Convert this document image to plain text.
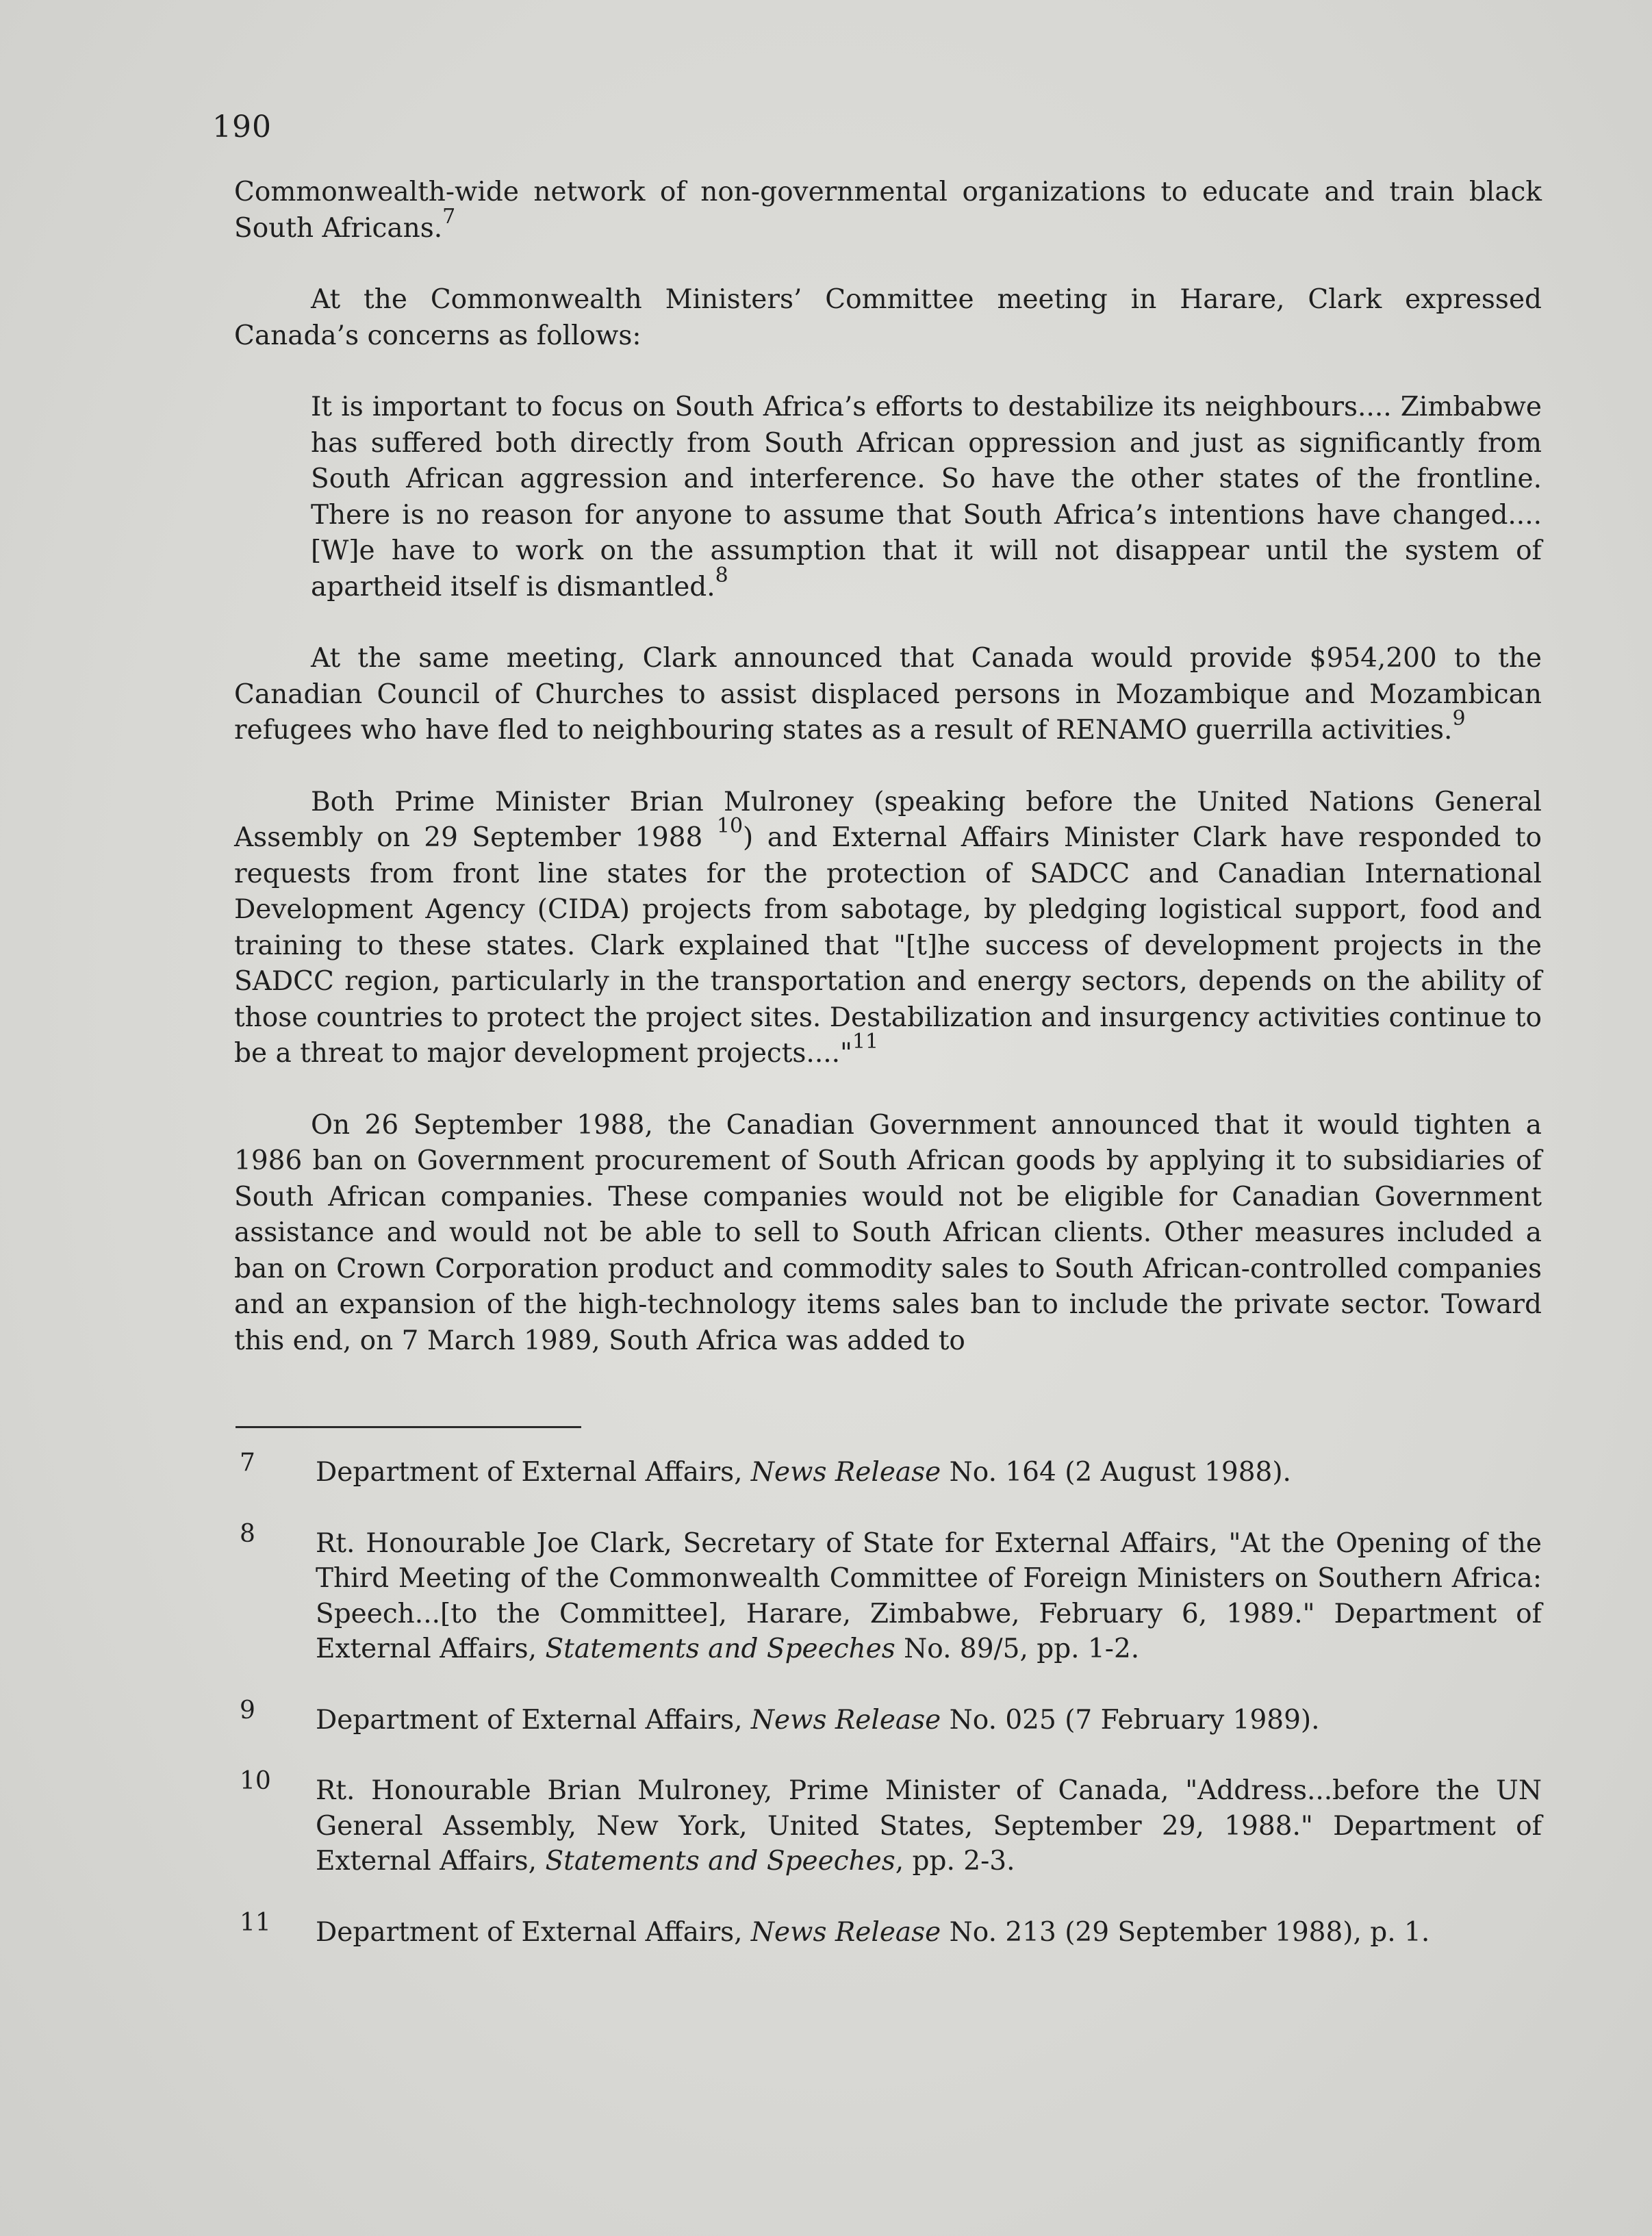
190

Commonwealth-wide network of non-governmental organizations to educate and train black South Africans.$^7$

At the Commonwealth Ministers’ Committee meeting in Harare, Clark expressed Canada’s concerns as follows:

It is important to focus on South Africa’s efforts to destabilize its neighbours.... Zimbabwe has suffered both directly from South African oppression and just as significantly from South African aggression and interference. So have the other states of the frontline. There is no reason for anyone to assume that South Africa’s intentions have changed.... [W]e have to work on the assumption that it will not disappear until the system of apartheid itself is dismantled.$^8$

At the same meeting, Clark announced that Canada would provide $954,200 to the Canadian Council of Churches to assist displaced persons in Mozambique and Mozambican refugees who have fled to neighbouring states as a result of RENAMO guerrilla activities.$^9$

Both Prime Minister Brian Mulroney (speaking before the United Nations General Assembly on 29 September 1988 $^{10}$) and External Affairs Minister Clark have responded to requests from front line states for the protection of SADCC and Canadian International Development Agency (CIDA) projects from sabotage, by pledging logistical support, food and training to these states. Clark explained that "[t]he success of development projects in the SADCC region, particularly in the transportation and energy sectors, depends on the ability of those countries to protect the project sites. Destabilization and insurgency activities continue to be a threat to major development projects...."$^{11}$

On 26 September 1988, the Canadian Government announced that it would tighten a 1986 ban on Government procurement of South African goods by applying it to subsidiaries of South African companies. These companies would not be eligible for Canadian Government assistance and would not be able to sell to South African clients. Other measures included a ban on Crown Corporation product and commodity sales to South African-controlled companies and an expansion of the high-technology items sales ban to include the private sector. Toward this end, on 7 March 1989, South Africa was added to

7 Department of External Affairs, News Release No. 164 (2 August 1988).
8 Rt. Honourable Joe Clark, Secretary of State for External Affairs, "At the Opening of the Third Meeting of the Commonwealth Committee of Foreign Ministers on Southern Africa: Speech...[to the Committee], Harare, Zimbabwe, February 6, 1989." Department of External Affairs, Statements and Speeches No. 89/5, pp. 1-2.
9 Department of External Affairs, News Release No. 025 (7 February 1989).
10 Rt. Honourable Brian Mulroney, Prime Minister of Canada, "Address...before the UN General Assembly, New York, United States, September 29, 1988." Department of External Affairs, Statements and Speeches, pp. 2-3.
11 Department of External Affairs, News Release No. 213 (29 September 1988), p. 1.
